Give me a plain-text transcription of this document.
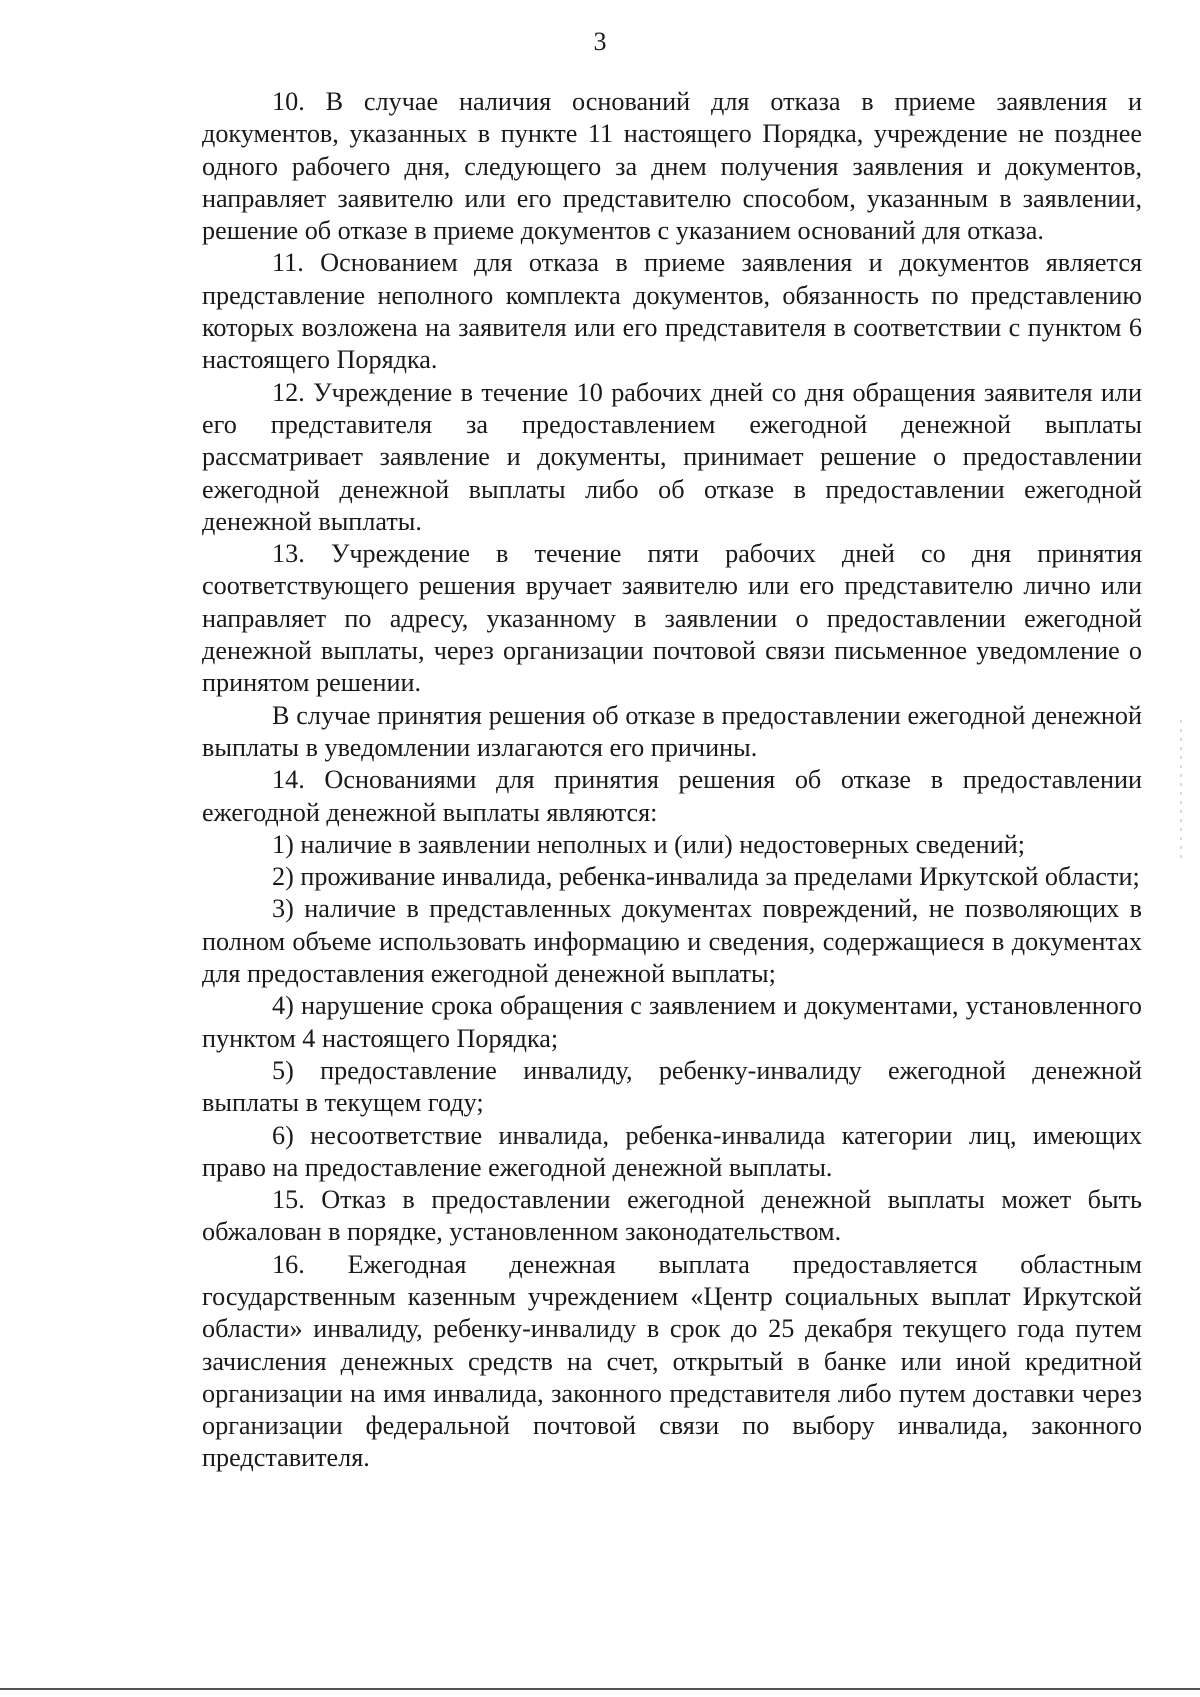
3

10. В случае наличия оснований для отказа в приеме заявления и документов, указанных в пункте 11 настоящего Порядка, учреждение не позднее одного рабочего дня, следующего за днем получения заявления и документов, направляет заявителю или его представителю способом, указанным в заявлении, решение об отказе в приеме документов с указанием оснований для отказа.

11. Основанием для отказа в приеме заявления и документов является представление неполного комплекта документов, обязанность по представлению которых возложена на заявителя или его представителя в соответствии с пунктом 6 настоящего Порядка.

12. Учреждение в течение 10 рабочих дней со дня обращения заявителя или его представителя за предоставлением ежегодной денежной выплаты рассматривает заявление и документы, принимает решение о предоставлении ежегодной денежной выплаты либо об отказе в предоставлении ежегодной денежной выплаты.

13. Учреждение в течение пяти рабочих дней со дня принятия соответствующего решения вручает заявителю или его представителю лично или направляет по адресу, указанному в заявлении о предоставлении ежегодной денежной выплаты, через организации почтовой связи письменное уведомление о принятом решении.

В случае принятия решения об отказе в предоставлении ежегодной денежной выплаты в уведомлении излагаются его причины.

14. Основаниями для принятия решения об отказе в предоставлении ежегодной денежной выплаты являются:

1) наличие в заявлении неполных и (или) недостоверных сведений;

2) проживание инвалида, ребенка-инвалида за пределами Иркутской области;

3) наличие в представленных документах повреждений, не позволяющих в полном объеме использовать информацию и сведения, содержащиеся в документах для предоставления ежегодной денежной выплаты;

4) нарушение срока обращения с заявлением и документами, установленного пунктом 4 настоящего Порядка;

5) предоставление инвалиду, ребенку-инвалиду ежегодной денежной выплаты в текущем году;

6) несоответствие инвалида, ребенка-инвалида категории лиц, имеющих право на предоставление ежегодной денежной выплаты.

15. Отказ в предоставлении ежегодной денежной выплаты может быть обжалован в порядке, установленном законодательством.

16. Ежегодная денежная выплата предоставляется областным государственным казенным учреждением «Центр социальных выплат Иркутской области» инвалиду, ребенку-инвалиду в срок до 25 декабря текущего года путем зачисления денежных средств на счет, открытый в банке или иной кредитной организации на имя инвалида, законного представителя либо путем доставки через организации федеральной почтовой связи по выбору инвалида, законного представителя.
